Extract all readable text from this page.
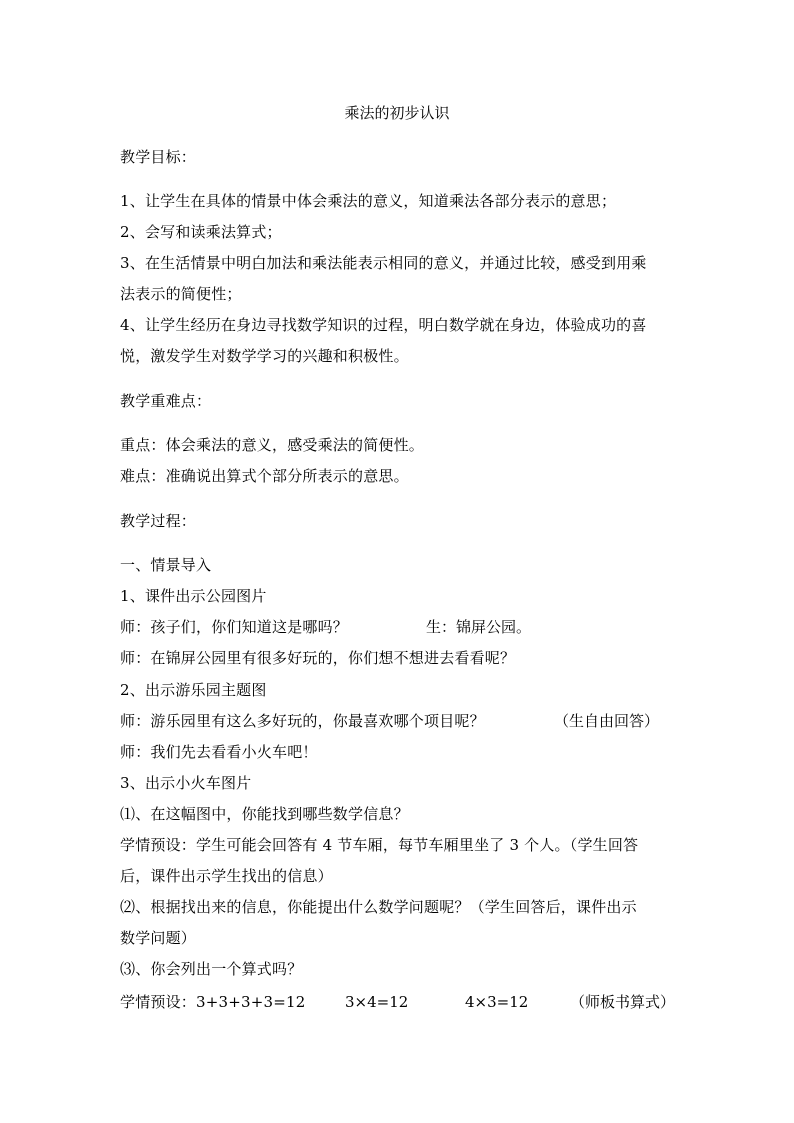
乘法的初步认识
教学目标：
1、让学生在具体的情景中体会乘法的意义，知道乘法各部分表示的意思；
2、会写和读乘法算式；
3、在生活情景中明白加法和乘法能表示相同的意义，并通过比较，感受到用乘
法表示的简便性；
4、让学生经历在身边寻找数学知识的过程，明白数学就在身边，体验成功的喜
悦，激发学生对数学学习的兴趣和积极性。
教学重难点：
重点：体会乘法的意义，感受乘法的简便性。
难点：准确说出算式个部分所表示的意思。
教学过程：
一、情景导入
1、课件出示公园图片
师：孩子们，你们知道这是哪吗？	生：锦屏公园。
师：在锦屏公园里有很多好玩的，你们想不想进去看看呢？
2、出示游乐园主题图
师：游乐园里有这么多好玩的，你最喜欢哪个项目呢？	（生自由回答）
师：我们先去看看小火车吧！
3、出示小火车图片
⑴、在这幅图中，你能找到哪些数学信息？
学情预设：学生可能会回答有 4 节车厢，每节车厢里坐了 3 个人。（学生回答
后，课件出示学生找出的信息）
⑵、根据找出来的信息，你能提出什么数学问题呢？（学生回答后，课件出示
数学问题）
⑶、你会列出一个算式吗？
学情预设：3+3+3+3=12	3×4=12	4×3=12	（师板书算式）
